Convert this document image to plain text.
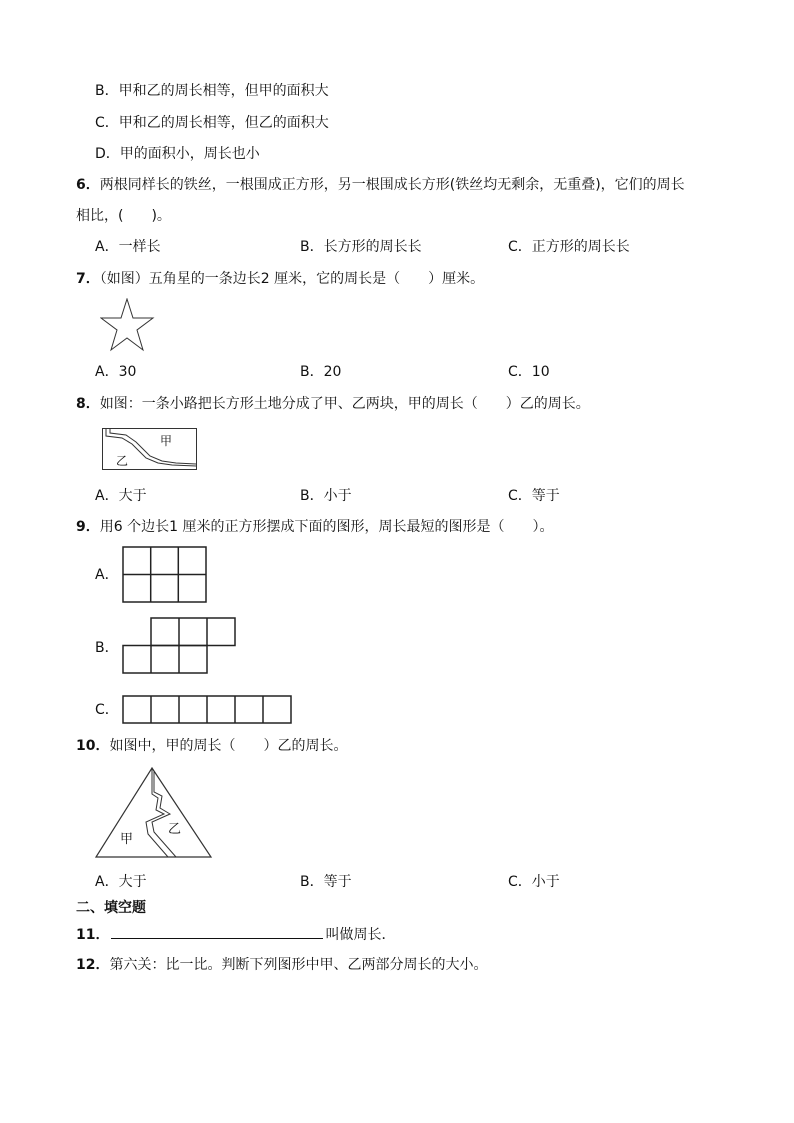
B．甲和乙的周长相等，但甲的面积大
C．甲和乙的周长相等，但乙的面积大
D．甲的面积小，周长也小
6．两根同样长的铁丝，一根围成正方形，另一根围成长方形(铁丝均无剩余，无重叠)，它们的周长
相比，(　　)。
A．一样长	B．长方形的周长长	C．正方形的周长长
7．（如图）五角星的一条边长2 厘米，它的周长是（　　）厘米。
A．30	B．20	C．10
8．如图：一条小路把长方形土地分成了甲、乙两块，甲的周长（　　）乙的周长。
甲
乙
A．大于	B．小于	C．等于
9．用6 个边长1 厘米的正方形摆成下面的图形，周长最短的图形是（　　）。
A．
B．
C．
10．如图中，甲的周长（　　）乙的周长。
甲
乙
A．大于	B．等于	C．小于
二、填空题
11．	叫做周长．
12．第六关：比一比。判断下列图形中甲、乙两部分周长的大小。
